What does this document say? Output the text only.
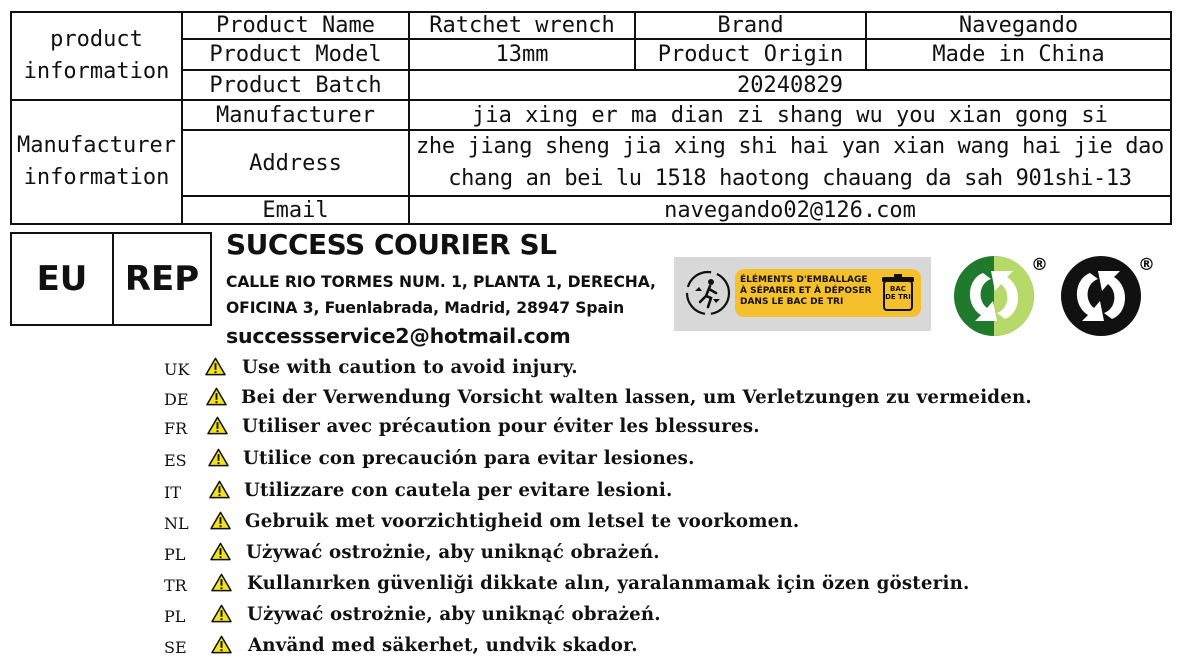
product information	Product Name	Ratchet wrench	Brand	Navegando
	Product Model	13mm	Product Origin	Made in China
	Product Batch	20240829		
Manufacturer information	Manufacturer	jia xing er ma dian zi shang wu you xian gong si		
	Address	zhe jiang sheng jia xing shi hai yan xian wang hai jie dao chang an bei lu 1518 haotong chauang da sah 901shi-13		
	Email	navegando02@126.com		
EU	REP
SUCCESS COURIER SL
CALLE RIO TORMES NUM. 1, PLANTA 1, DERECHA,
OFICINA 3, Fuenlabrada, Madrid, 28947 Spain
successservice2@hotmail.com
ÉLÉMENTS D'EMBALLAGE À SÉPARER ET À DÉPOSER DANS LE BAC DE TRI
BAC DE TRI
®	®
UK	Use with caution to avoid injury.
DE	Bei der Verwendung Vorsicht walten lassen, um Verletzungen zu vermeiden.
FR	Utiliser avec précaution pour éviter les blessures.
ES	Utilice con precaución para evitar lesiones.
IT	Utilizzare con cautela per evitare lesioni.
NL	Gebruik met voorzichtigheid om letsel te voorkomen.
PL	Używać ostrożnie, aby uniknąć obrażeń.
TR	Kullanırken güvenliği dikkate alın, yaralanmamak için özen gösterin.
PL	Używać ostrożnie, aby uniknąć obrażeń.
SE	Använd med säkerhet, undvik skador.
